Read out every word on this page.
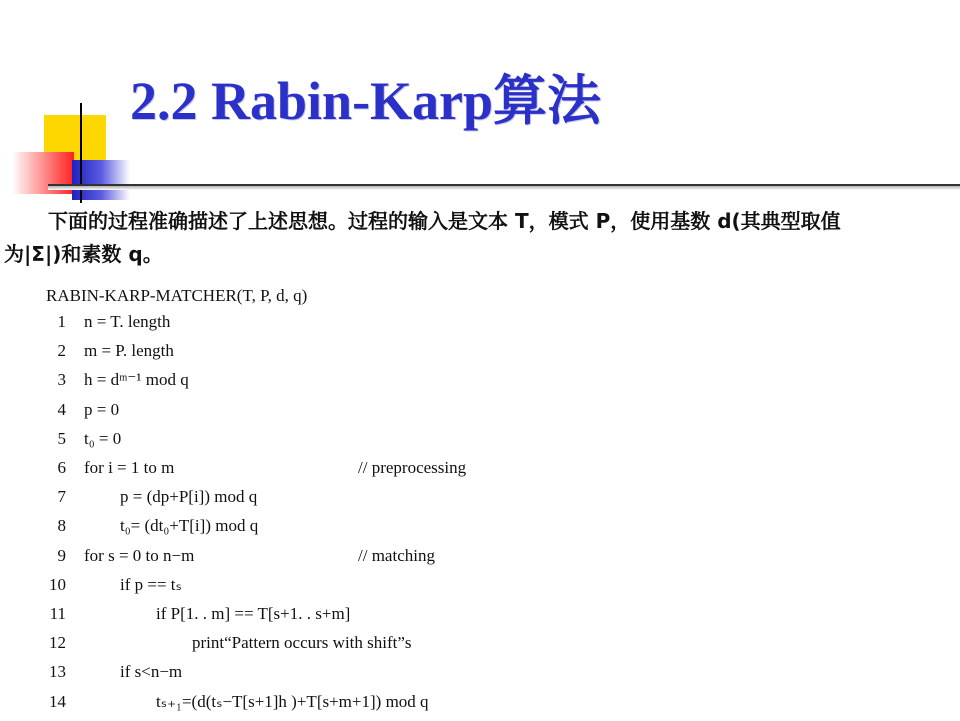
2.2 Rabin-Karp算法
下面的过程准确描述了上述思想。过程的输入是文本 T，模式 P，使用基数 d(其典型取值
为|Σ|)和素数 q。
RABIN-KARP-MATCHER(T, P, d, q)
1 n = T. length
2 m = P. length
3 h = dᵐ⁻¹ mod q
4 p = 0
5 t₀ = 0
6 for i = 1 to m	// preprocessing
7	p = (dp+P[i]) mod q
8	t₀= (dt₀+T[i]) mod q
9 for s = 0 to n−m	// matching
10	if p == tₛ
11	if P[1. . m] == T[s+1. . s+m]
12	print“Pattern occurs with shift”s
13	if s<n−m
14	tₛ₊₁=(d(tₛ−T[s+1]h )+T[s+m+1]) mod q
